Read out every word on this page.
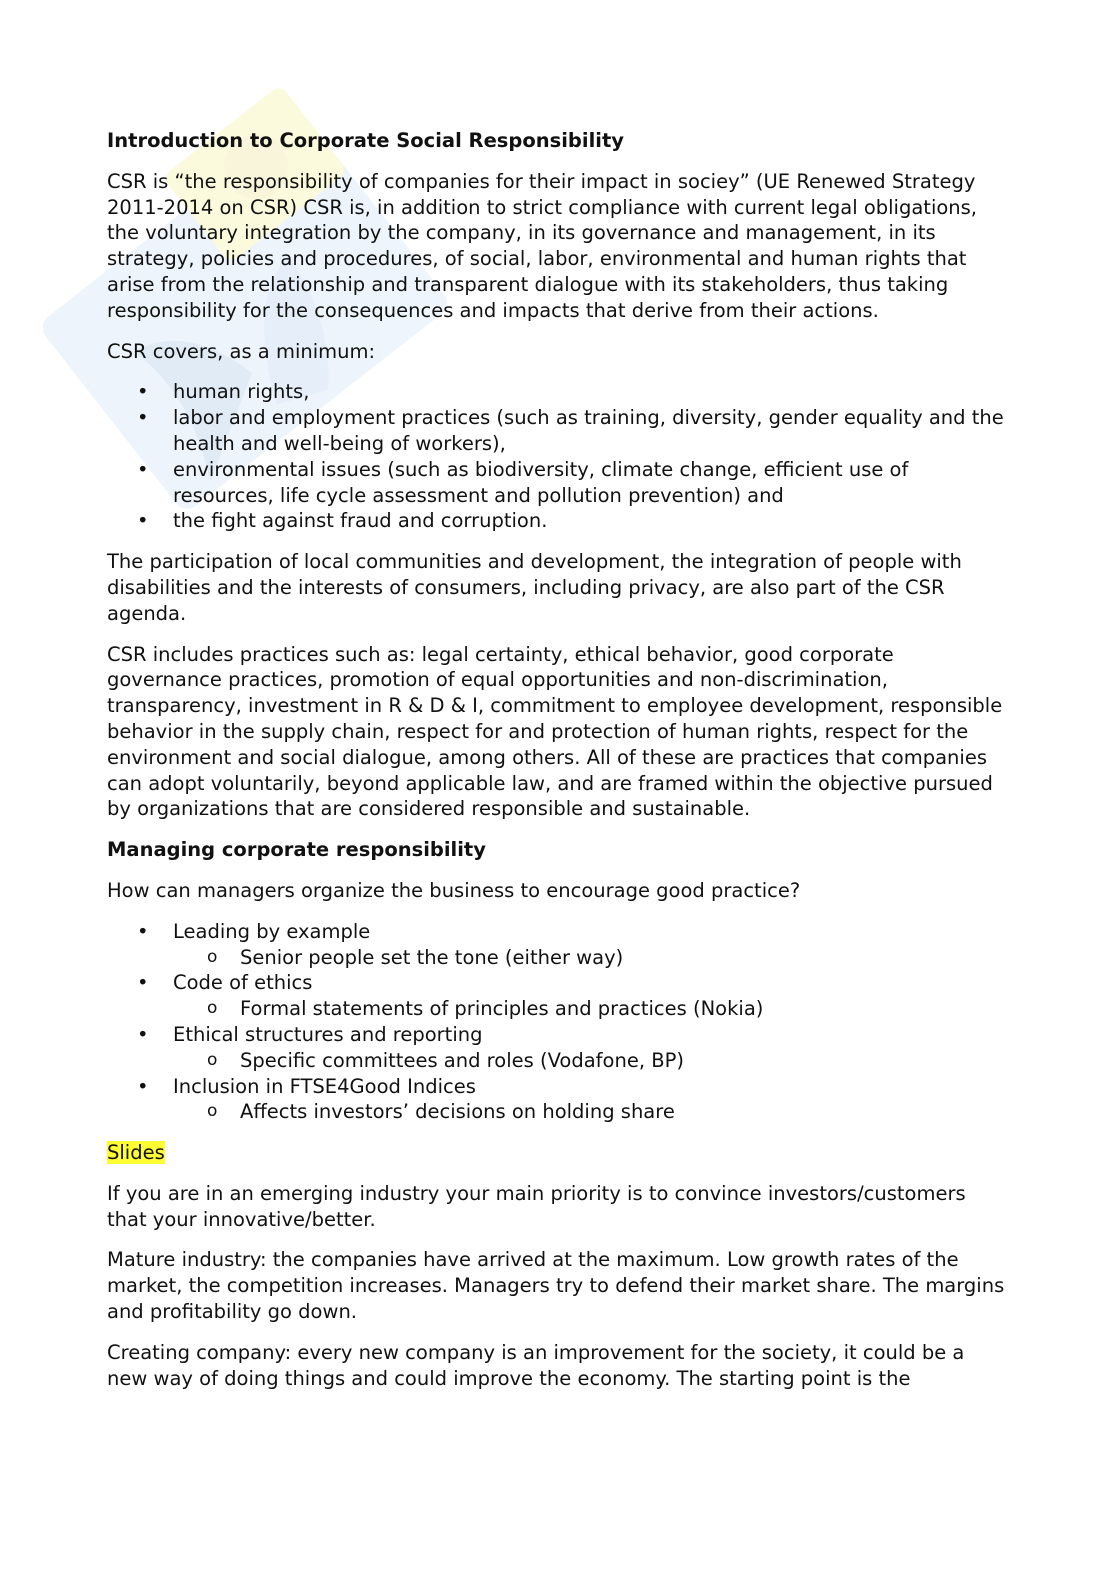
Introduction to Corporate Social Responsibility

CSR is “the responsibility of companies for their impact in sociey” (UE Renewed Strategy 2011-2014 on CSR) CSR is, in addition to strict compliance with current legal obligations, the voluntary integration by the company, in its governance and management, in its strategy, policies and procedures, of social, labor, environmental and human rights that arise from the relationship and transparent dialogue with its stakeholders, thus taking responsibility for the consequences and impacts that derive from their actions.

CSR covers, as a minimum:

• human rights,
• labor and employment practices (such as training, diversity, gender equality and the health and well-being of workers),
• environmental issues (such as biodiversity, climate change, efficient use of resources, life cycle assessment and pollution prevention) and
• the fight against fraud and corruption.

The participation of local communities and development, the integration of people with disabilities and the interests of consumers, including privacy, are also part of the CSR agenda.

CSR includes practices such as: legal certainty, ethical behavior, good corporate governance practices, promotion of equal opportunities and non-discrimination, transparency, investment in R & D & I, commitment to employee development, responsible behavior in the supply chain, respect for and protection of human rights, respect for the environment and social dialogue, among others. All of these are practices that companies can adopt voluntarily, beyond applicable law, and are framed within the objective pursued by organizations that are considered responsible and sustainable.

Managing corporate responsibility

How can managers organize the business to encourage good practice?

• Leading by example
o Senior people set the tone (either way)
• Code of ethics
o Formal statements of principles and practices (Nokia)
• Ethical structures and reporting
o Specific committees and roles (Vodafone, BP)
• Inclusion in FTSE4Good Indices
o Affects investors’ decisions on holding share

Slides

If you are in an emerging industry your main priority is to convince investors/customers that your innovative/better.

Mature industry: the companies have arrived at the maximum. Low growth rates of the market, the competition increases. Managers try to defend their market share. The margins and profitability go down.

Creating company: every new company is an improvement for the society, it could be a new way of doing things and could improve the economy. The starting point is the
